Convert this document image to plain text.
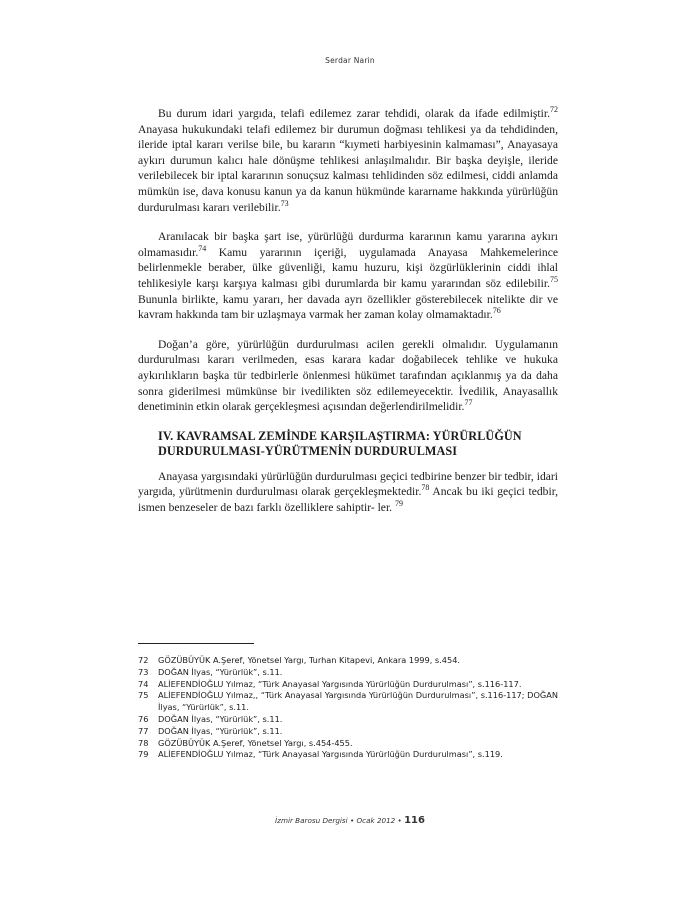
Serdar Narin

Bu durum idari yargıda, telafi edilemez zarar tehdidi, olarak da ifade edilmiştir.$^{72}$ Anayasa hukukundaki telafi edilemez bir durumun doğması tehlikesi ya da tehdidinden, ileride iptal kararı verilse bile, bu kararın “kıymeti harbiyesinin kalmaması”, Anayasaya aykırı durumun kalıcı hale dönüşme tehlikesi anlaşılmalıdır. Bir başka deyişle, ileride verilebilecek bir iptal kararının sonuçsuz kalması tehlidinden söz edilmesi, ciddi anlamda mümkün ise, dava konusu kanun ya da kanun hükmünde kararname hakkında yürürlüğün durdurulması kararı verilebilir.$^{73}$

Aranılacak bir başka şart ise, yürürlüğü durdurma kararının kamu yararına aykırı olmamasıdır.$^{74}$ Kamu yararının içeriği, uygulamada Anayasa Mahkemelerince belirlenmekle beraber, ülke güvenliği, kamu huzuru, kişi özgürlüklerinin ciddi ihlal tehlikesiyle karşı karşıya kalması gibi durumlarda bir kamu yararından söz edilebilir.$^{75}$ Bununla birlikte, kamu yararı, her davada ayrı özellikler gösterebilecek nitelikte dir ve kavram hakkında tam bir uzlaşmaya varmak her zaman kolay olmamaktadır.$^{76}$

Doğan’a göre, yürürlüğün durdurulması acilen gerekli olmalıdır. Uygulamanın durdurulması kararı verilmeden, esas karara kadar doğabilecek tehlike ve hukuka aykırılıkların başka tür tedbirlerle önlenmesi hükümet tarafından açıklanmış ya da daha sonra giderilmesi mümkünse bir ivedilikten söz edilemeyecektir. İvedilik, Anayasallık denetiminin etkin olarak gerçekleşmesi açısından değerlendirilmelidir.$^{77}$

IV. KAVRAMSAL ZEMİNDE KARŞILAŞTIRMA: YÜRÜRLÜĞÜN
DURDURULMASI-YÜRÜTMENİN DURDURULMASI

Anayasa yargısındaki yürürlüğün durdurulması geçici tedbirine benzer bir tedbir, idari yargıda, yürütmenin durdurulması olarak gerçekleşmektedir.$^{78}$ Ancak bu iki geçici tedbir, ismen benzeseler de bazı farklı özelliklere sahiptir- ler. $^{79}$

72	GÖZÜBÜYÜK A.Şeref, Yönetsel Yargı, Turhan Kitapevi, Ankara 1999, s.454.
73	DOĞAN İlyas, “Yürürlük”, s.11.
74	ALİEFENDİOĞLU Yılmaz, “Türk Anayasal Yargısında Yürürlüğün Durdurulması”, s.116-117.
75	ALİEFENDİOĞLU Yılmaz,, “Türk Anayasal Yargısında Yürürlüğün Durdurulması”, s.116-117; DOĞAN İlyas, “Yürürlük”, s.11.
76	DOĞAN İlyas, “Yürürlük”, s.11.
77	DOĞAN İlyas, “Yürürlük”, s.11.
78	GÖZÜBÜYÜK A.Şeref, Yönetsel Yargı, s.454-455.
79	ALİEFENDİOĞLU Yılmaz, “Türk Anayasal Yargısında Yürürlüğün Durdurulması”, s.119.
İzmir Barosu Dergisi • Ocak 2012 • 116
